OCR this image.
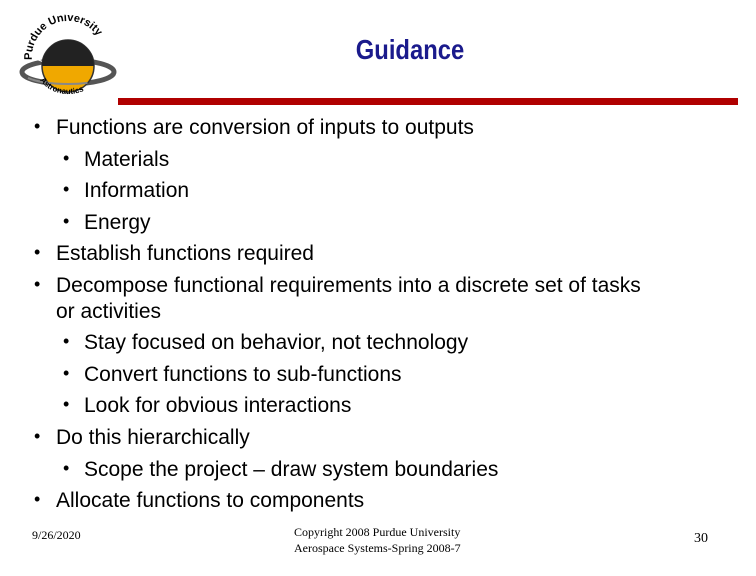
Purdue University
Aeronautics &
Astronautics
Guidance
• Functions are conversion of inputs to outputs
• Materials
• Information
• Energy
• Establish functions required
• Decompose functional requirements into a discrete set of tasks
or activities
• Stay focused on behavior, not technology
• Convert functions to sub-functions
• Look for obvious interactions
• Do this hierarchically
• Scope the project – draw system boundaries
• Allocate functions to components
9/26/2020	Copyright 2008 Purdue University
Aerospace Systems-Spring 2008-7
30
